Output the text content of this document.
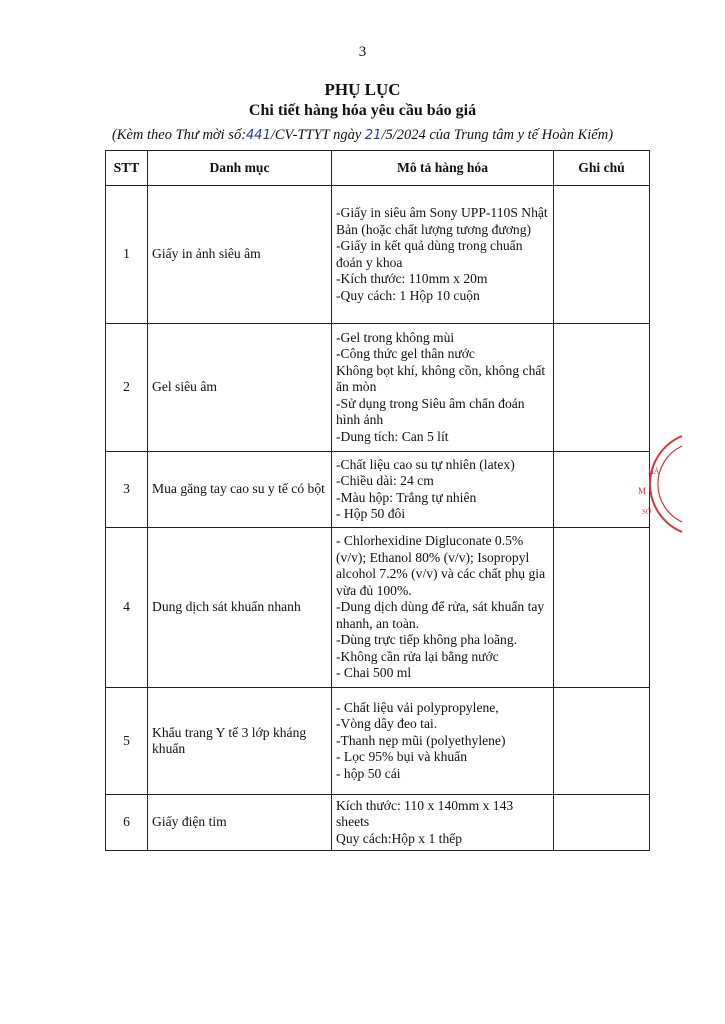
3
PHỤ LỤC
Chi tiết hàng hóa yêu cầu báo giá
(Kèm theo Thư mời số:441/CV-TTYT ngày 21/5/2024 của Trung tâm y tế Hoàn Kiếm)
STT	Danh mục	Mô tả hàng hóa	Ghi chú
1	Giấy in ảnh siêu âm	-Giấy in siêu âm Sony UPP-110S Nhật Bản (hoặc chất lượng tương đương)
-Giấy in kết quả dùng trong chuẩn đoán y khoa
-Kích thước: 110mm x 20m
-Quy cách: 1 Hộp 10 cuộn	

2	Gel siêu âm	-Gel trong không mùi
-Công thức gel thân nước
Không bọt khí, không cồn, không chất ăn mòn
-Sử dụng trong Siêu âm chẩn đoán hình ảnh
-Dung tích: Can 5 lít	

3	Mua găng tay cao su y tế có bột	-Chất liệu cao su tự nhiên (latex)
-Chiều dài: 24 cm
-Màu hộp: Trắng tự nhiên
- Hộp 50 đôi	

4	Dung dịch sát khuẩn nhanh	- Chlorhexidine Digluconate 0.5% (v/v); Ethanol 80% (v/v); Isopropyl alcohol 7.2% (v/v) và các chất phụ gia vừa đủ 100%.
-Dung dịch dùng để rửa, sát khuẩn tay nhanh, an toàn.
-Dùng trực tiếp không pha loãng.
-Không cần rửa lại bằng nước
- Chai 500 ml	

5	Khẩu trang Y tế 3 lớp kháng khuẩn	- Chất liệu vải polypropylene,
-Vòng dây đeo tai.
-Thanh nẹp mũi (polyethylene)
- Lọc 95% bụi và khuẩn
- hộp 50 cái	

6	Giấy điện tim	Kích thước: 110 x 140mm x 143 sheets
Quy cách:Hộp x 1 thếp	

HÀ
M
SỞ
